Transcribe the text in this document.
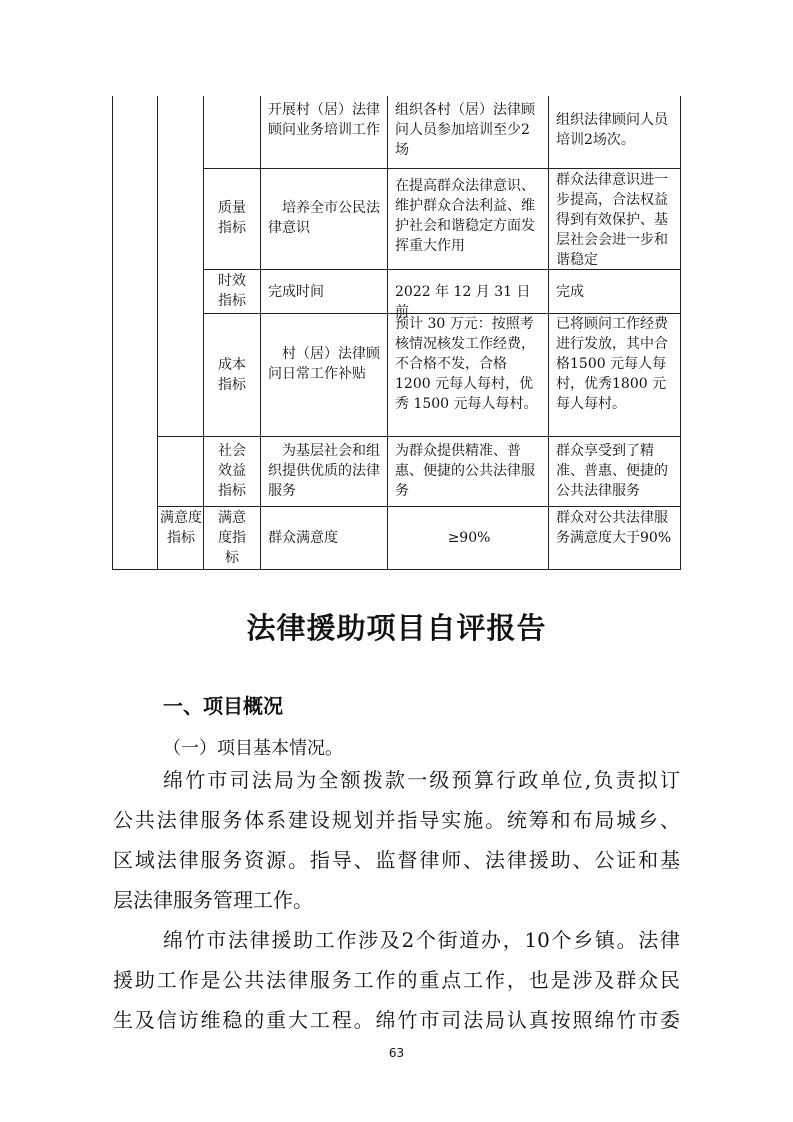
开展村（居）法律顾问业务培训工作
组织各村（居）法律顾问人员参加培训至少2场
组织法律顾问人员培训2场次。
质量指标
培养全市公民法律意识
在提高群众法律意识、维护群众合法利益、维护社会和谐稳定方面发挥重大作用
群众法律意识进一步提高，合法权益得到有效保护、基层社会会进一步和谐稳定
时效指标
完成时间	2022 年 12 月 31 日前
完成
成本指标
村（居）法律顾问日常工作补贴
预计 30 万元：按照考核情况核发工作经费，不合格不发，合格 1200 元每人每村，优秀 1500 元每人每村。
已将顾问工作经费进行发放，其中合格1500 元每人每村，优秀1800 元每人每村。
社会效益指标
为基层社会和组织提供优质的法律服务
为群众提供精准、普惠、便捷的公共法律服务
群众享受到了精准、普惠、便捷的公共法律服务
满意度指标
满意度指标
群众满意度	≥90%
群众对公共法律服务满意度大于90%
法律援助项目自评报告
一、项目概况
（一）项目基本情况。
绵竹市司法局为全额拨款一级预算行政单位,负责拟订
公共法律服务体系建设规划并指导实施。统筹和布局城乡、
区域法律服务资源。指导、监督律师、法律援助、公证和基
层法律服务管理工作。
绵竹市法律援助工作涉及2个街道办，10个乡镇。法律
援助工作是公共法律服务工作的重点工作，也是涉及群众民
生及信访维稳的重大工程。绵竹市司法局认真按照绵竹市委
63
